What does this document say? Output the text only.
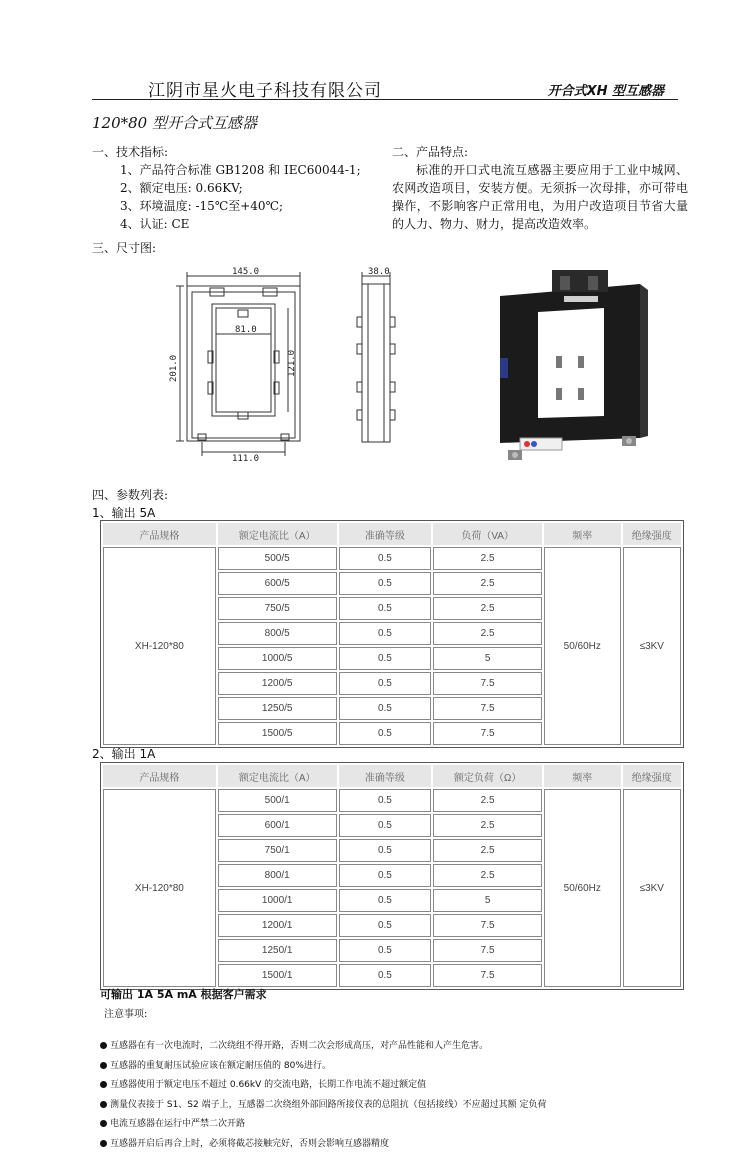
江阴市星火电子科技有限公司	开合式XH 型互感器
120*80 型开合式互感器
一、技术指标:
1、产品符合标准 GB1208 和 IEC60044-1;
2、额定电压: 0.66KV;
3、环境温度: -15℃至+40℃;
4、认证: CE
二、产品特点:
标准的开口式电流互感器主要应用于工业中城网、农网改造项目，安装方便。无须拆一次母排，亦可带电操作，不影响客户正常用电，为用户改造项目节省大量的人力、物力、财力，提高改造效率。
三、尺寸图:
145.0
81.0
111.0
201.0	121.0
38.0
四、参数列表:
1、输出 5A
产品规格	额定电流比（A）	准确等级	负荷（VA）	频率	绝缘强度
XH-120*80	500/5	0.5	2.5	50/60Hz	≤3KV
	600/5	0.5	2.5		
	750/5	0.5	2.5		
	800/5	0.5	2.5		
	1000/5	0.5	5		
	1200/5	0.5	7.5		
	1250/5	0.5	7.5		
	1500/5	0.5	7.5		
2、输出 1A
产品规格	额定电流比（A）	准确等级	额定负荷（Ω）	频率	绝缘强度
XH-120*80	500/1	0.5	2.5	50/60Hz	≤3KV
	600/1	0.5	2.5		
	750/1	0.5	2.5		
	800/1	0.5	2.5		
	1000/1	0.5	5		
	1200/1	0.5	7.5		
	1250/1	0.5	7.5		
	1500/1	0.5	7.5		
可输出 1A 5A mA 根据客户需求
注意事项:
互感器在有一次电流时，二次绕组不得开路，否则二次会形成高压，对产品性能和人产生危害。
互感器的重复耐压试验应该在额定耐压值的 80%进行。
互感器使用于额定电压不超过 0.66kV 的交流电路，长期工作电流不超过额定值
测量仪表接于 S1、S2 端子上，互感器二次绕组外部回路所接仪表的总阻抗（包括接线）不应超过其额 定负荷
电流互感器在运行中严禁二次开路
互感器开启后再合上时，必须将截芯接触完好，否则会影响互感器精度
